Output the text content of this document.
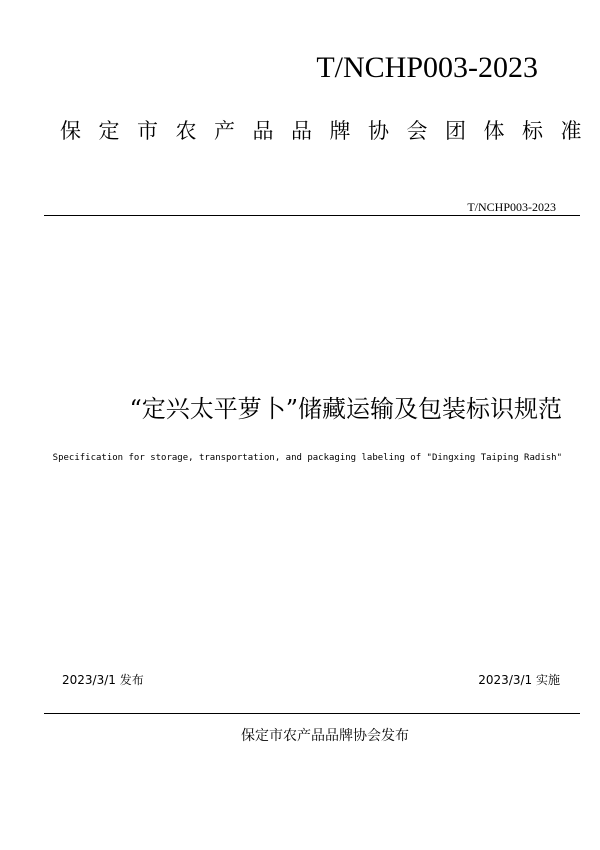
T/NCHP003-2023
保定市农产品品牌协会团体标准
T/NCHP003-2023
“定兴太平萝卜”储藏运输及包装标识规范
Specification for storage, transportation, and packaging labeling of "Dingxing Taiping Radish"
2023/3/1 发布	2023/3/1 实施
保定市农产品品牌协会发布
